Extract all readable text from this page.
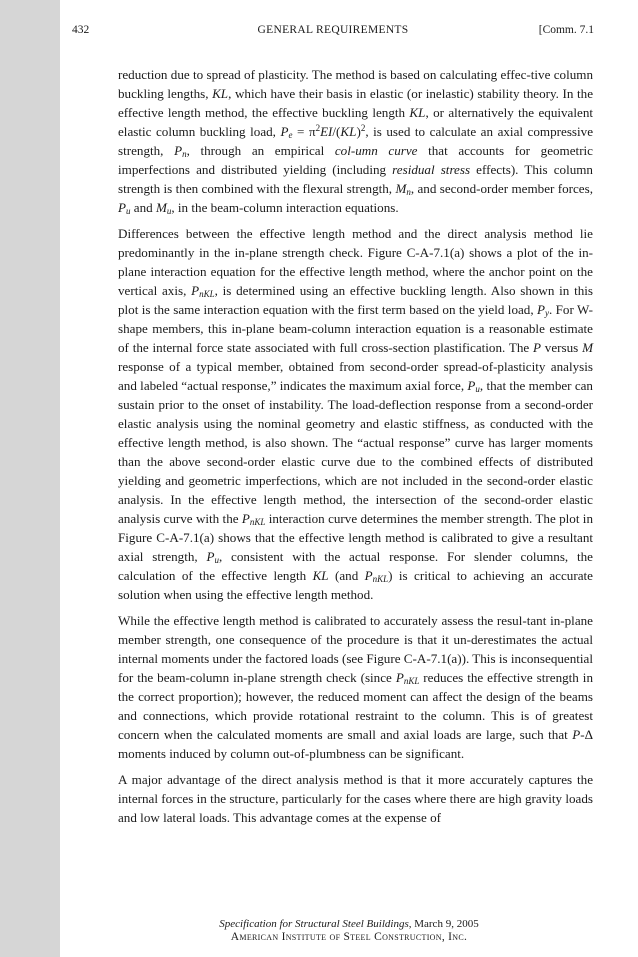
432	GENERAL REQUIREMENTS	[Comm. 7.1

reduction due to spread of plasticity. The method is based on calculating effec-tive column buckling lengths, KL, which have their basis in elastic (or inelastic) stability theory. In the effective length method, the effective buckling length KL, or alternatively the equivalent elastic column buckling load, $P_e = \pi^2EI/(KL)^2$, is used to calculate an axial compressive strength, $P_n$, through an empirical col-umn curve that accounts for geometric imperfections and distributed yielding (including residual stress effects). This column strength is then combined with the flexural strength, $M_n$, and second-order member forces, $P_u$ and $M_u$, in the beam-column interaction equations.

Differences between the effective length method and the direct analysis method lie predominantly in the in-plane strength check. Figure C-A-7.1(a) shows a plot of the in-plane interaction equation for the effective length method, where the anchor point on the vertical axis, $P_{nKL}$, is determined using an effective buckling length. Also shown in this plot is the same interaction equation with the first term based on the yield load, $P_y$. For W-shape members, this in-plane beam-column interaction equation is a reasonable estimate of the internal force state associated with full cross-section plastification. The P versus M response of a typical member, obtained from second-order spread-of-plasticity analysis and labeled “actual response,” indicates the maximum axial force, $P_u$, that the member can sustain prior to the onset of instability. The load-deflection response from a second-order elastic analysis using the nominal geometry and elastic stiffness, as conducted with the effective length method, is also shown. The “actual response” curve has larger moments than the above second-order elastic curve due to the combined effects of distributed yielding and geometric imperfections, which are not included in the second-order elastic analysis. In the effective length method, the intersection of the second-order elastic analysis curve with the $P_{nKL}$ interaction curve determines the member strength. The plot in Figure C-A-7.1(a) shows that the effective length method is calibrated to give a resultant axial strength, $P_u$, consistent with the actual response. For slender columns, the calculation of the effective length KL (and $P_{nKL}$) is critical to achieving an accurate solution when using the effective length method.

While the effective length method is calibrated to accurately assess the resul-tant in-plane member strength, one consequence of the procedure is that it un-derestimates the actual internal moments under the factored loads (see Figure C-A-7.1(a)). This is inconsequential for the beam-column in-plane strength check (since $P_{nKL}$ reduces the effective strength in the correct proportion); however, the reduced moment can affect the design of the beams and connections, which provide rotational restraint to the column. This is of greatest concern when the calculated moments are small and axial loads are large, such that P-Δ moments induced by column out-of-plumbness can be significant.

A major advantage of the direct analysis method is that it more accurately captures the internal forces in the structure, particularly for the cases where there are high gravity loads and low lateral loads. This advantage comes at the expense of

Specification for Structural Steel Buildings, March 9, 2005
American Institute of Steel Construction, Inc.
